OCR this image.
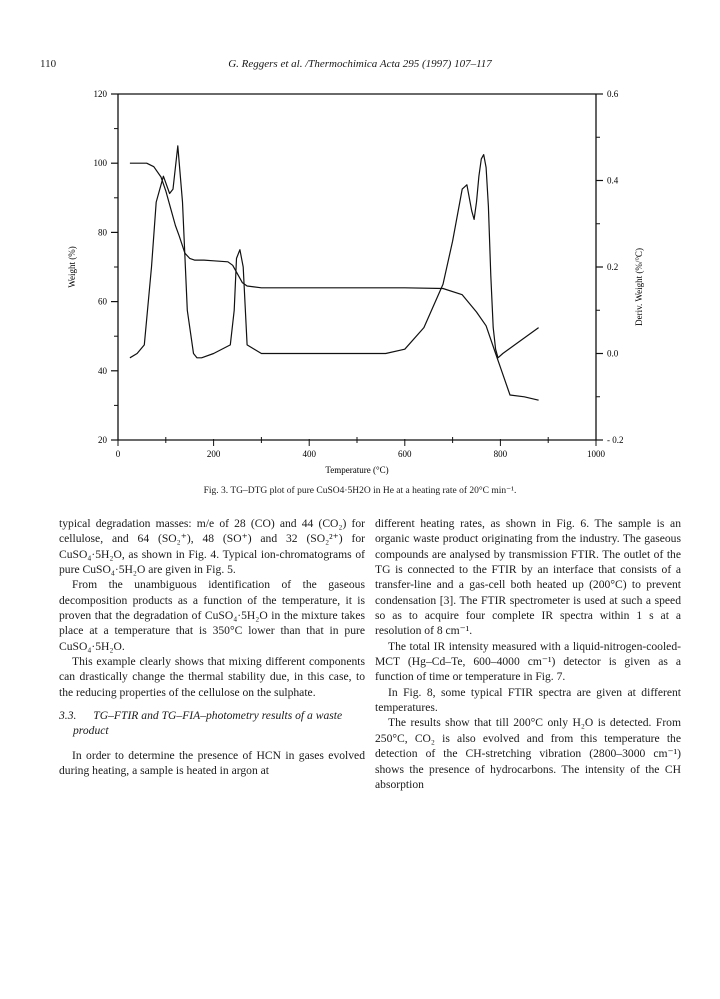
110	G. Reggers et al. /Thermochimica Acta 295 (1997) 107–117
Temperature (°C)
Weight (%)	Deriv. Weight (%/°C)
0	200	400	600	800	1000
20
40
60
80
100
120
- 0.2
0.0
0.2
0.4
0.6
Fig. 3. TG–DTG plot of pure CuSO4·5H2O in He at a heating rate of 20°C min⁻¹.

typical degradation masses: m/e of 28 (CO) and 44 (CO₂) for cellulose, and 64 (SO₂⁺), 48 (SO⁺) and 32 (SO₂²⁺) for CuSO₄·5H₂O, as shown in Fig. 4. Typical ion-chromatograms of pure CuSO₄·5H₂O are given in Fig. 5.

From the unambiguous identification of the gaseous decomposition products as a function of the temperature, it is proven that the degradation of CuSO₄·5H₂O in the mixture takes place at a temperature that is 350°C lower than that in pure CuSO₄·5H₂O.

This example clearly shows that mixing different components can drastically change the thermal stability due, in this case, to the reducing properties of the cellulose on the sulphate.

3.3. TG–FTIR and TG–FIA–photometry results of a waste product

In order to determine the presence of HCN in gases evolved during heating, a sample is heated in argon at

different heating rates, as shown in Fig. 6. The sample is an organic waste product originating from the industry. The gaseous compounds are analysed by transmission FTIR. The outlet of the TG is connected to the FTIR by an interface that consists of a transfer-line and a gas-cell both heated up (200°C) to prevent condensation [3]. The FTIR spectrometer is used at such a speed so as to acquire four complete IR spectra within 1 s at a resolution of 8 cm⁻¹.

The total IR intensity measured with a liquid-nitrogen-cooled-MCT (Hg–Cd–Te, 600–4000 cm⁻¹) detector is given as a function of time or temperature in Fig. 7.

In Fig. 8, some typical FTIR spectra are given at different temperatures.

The results show that till 200°C only H₂O is detected. From 250°C, CO₂ is also evolved and from this temperature the detection of the CH-stretching vibration (2800–3000 cm⁻¹) shows the presence of hydrocarbons. The intensity of the CH absorption
